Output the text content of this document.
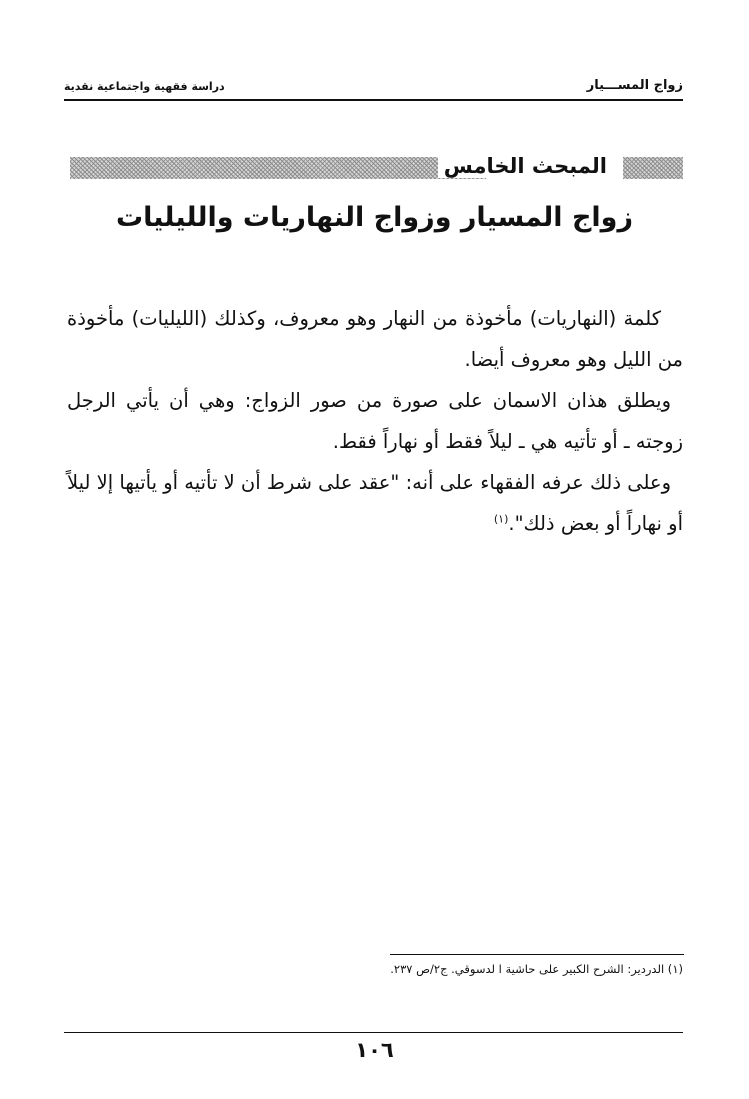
زواج المســـيار
دراسة فقهية واجتماعية نقدية
المبحث الخامس
زواج المسيار وزواج النهاريات والليليات

كلمة (النهاريات) مأخوذة من النهار وهو معروف، وكذلك (الليليات) مأخوذة من الليل وهو معروف أيضا.

ويطلق هذان الاسمان على صورة من صور الزواج: وهي أن يأتي الرجل زوجته ـ أو تأتيه هي ـ ليلاً فقط أو نهاراً فقط.

وعلى ذلك عرفه الفقهاء على أنه: "عقد على شرط أن لا تأتيه أو يأتيها إلا ليلاً أو نهاراً أو بعض ذلك".$^{(١)}$

(١) الدردير: الشرح الكبير على حاشية ا لدسوقي. ج٢/ص ٢٣٧.
١٠٦
